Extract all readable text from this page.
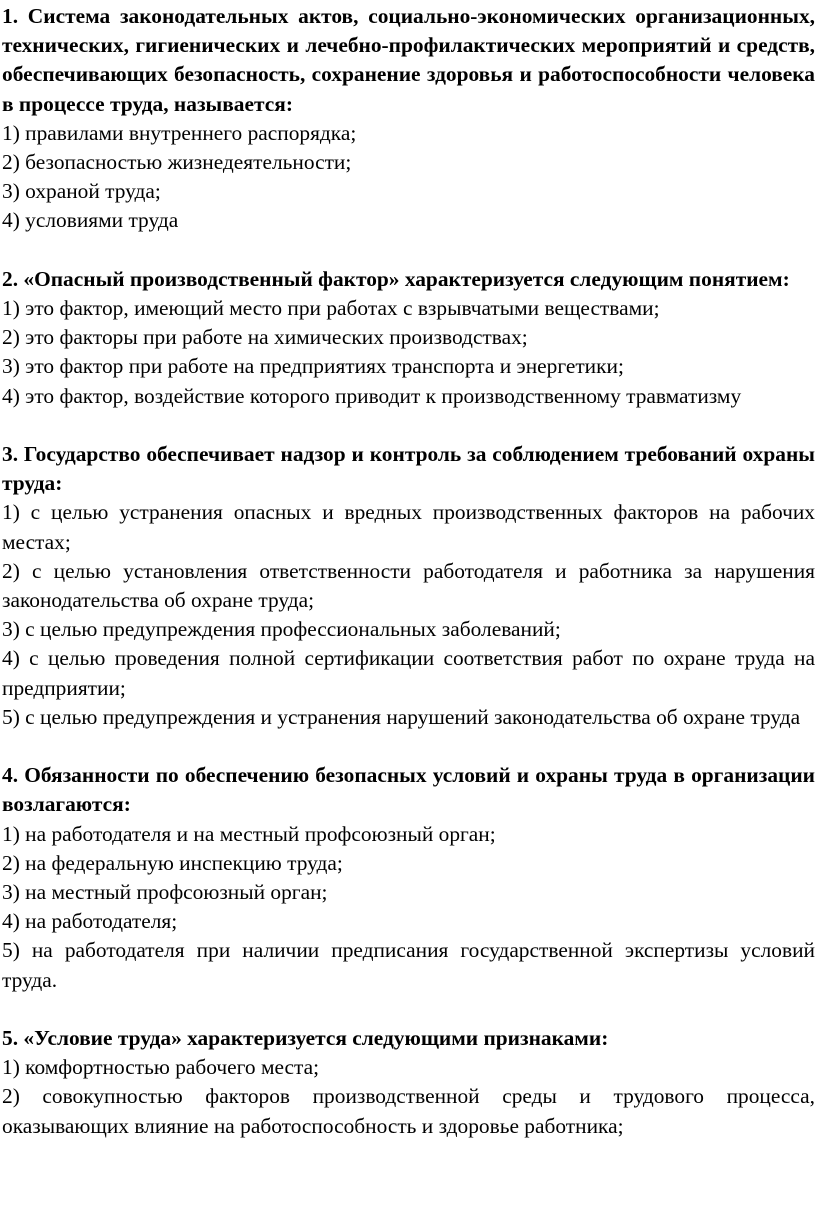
1. Система законодательных актов, социально-экономических организационных, технических, гигиенических и лечебно-профилактических мероприятий и средств, обеспечивающих безопасность, сохранение здоровья и работоспособности человека в процессе труда, называется:

1) правилами внутреннего распорядка;
2) безопасностью жизнедеятельности;
3) охраной труда;
4) условиями труда

2. «Опасный производственный фактор» характеризуется следующим понятием:

1) это фактор, имеющий место при работах с взрывчатыми веществами;
2) это факторы при работе на химических производствах;
3) это фактор при работе на предприятиях транспорта и энергетики;
4) это фактор, воздействие которого приводит к производственному травматизму

3. Государство обеспечивает надзор и контроль за соблюдением требований охраны труда:

1) с целью устранения опасных и вредных производственных факторов на рабочих местах;
2) с целью установления ответственности работодателя и работника за нарушения законодательства об охране труда;
3) с целью предупреждения профессиональных заболеваний;
4) с целью проведения полной сертификации соответствия работ по охране труда на предприятии;
5) с целью предупреждения и устранения нарушений законодательства об охране труда

4. Обязанности по обеспечению безопасных условий и охраны труда в организации возлагаются:

1) на работодателя и на местный профсоюзный орган;
2) на федеральную инспекцию труда;
3) на местный профсоюзный орган;
4) на работодателя;
5) на работодателя при наличии предписания государственной экспертизы условий труда.

5. «Условие труда» характеризуется следующими признаками:

1) комфортностью рабочего места;
2) совокупностью факторов производственной среды и трудового процесса, оказывающих влияние на работоспособность и здоровье работника;
